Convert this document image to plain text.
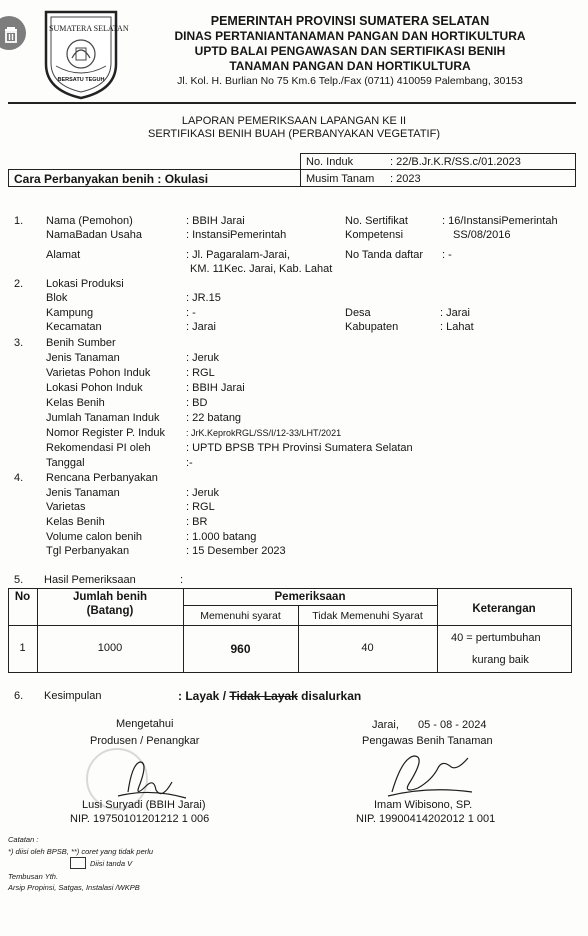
SUMATERA SELATAN
BERSATU TEGUH
PEMERINTAH PROVINSI SUMATERA SELATAN
DINAS PERTANIANTANAMAN PANGAN DAN HORTIKULTURA
UPTD BALAI PENGAWASAN DAN SERTIFIKASI BENIH
TANAMAN PANGAN DAN HORTIKULTURA
Jl. Kol. H. Burlian No 75 Km.6 Telp./Fax (0711) 410059 Palembang, 30153
LAPORAN PEMERIKSAAN LAPANGAN KE II
SERTIFIKASI BENIH BUAH (PERBANYAKAN VEGETATIF)
Cara Perbanyakan benih : Okulasi
No. Induk	: 22/B.Jr.K.R/SS.c/01.2023
Musim Tanam : 2023
1. Nama (Pemohon)	: BBIH Jarai
NamaBadan Usaha	: InstansiPemerintah
Alamat	: Jl. Pagaralam-Jarai,
KM. 11Kec. Jarai, Kab. Lahat
No. Sertifikat	: 16/InstansiPemerintah
Kompetensi	SS/08/2016
No Tanda daftar : -
2. Lokasi Produksi
Blok	: JR.15
Kampung	: -
Kecamatan	: Jarai
Desa	: Jarai
Kabupaten	: Lahat
3. Benih Sumber
Jenis Tanaman	: Jeruk
Varietas Pohon Induk	: RGL
Lokasi Pohon Induk	: BBIH Jarai
Kelas Benih	: BD
Jumlah Tanaman Induk : 22 batang
Nomor Register P. Induk : JrK.KeprokRGL/SS/I/12-33/LHT/2021
Rekomendasi PI oleh	: UPTD BPSB TPH Provinsi Sumatera Selatan
Tanggal	:-
4. Rencana Perbanyakan
Jenis Tanaman	: Jeruk
Varietas	: RGL
Kelas Benih	: BR
Volume calon benih	: 1.000 batang
Tgl Perbanyakan	: 15 Desember 2023
5. Hasil Pemeriksaan	:
No	Jumlah benih
(Batang)
Pemeriksaan
Memenuhi syarat	Tidak Memenuhi Syarat
Keterangan
1	1000	960	40
40 = pertumbuhan
kurang baik
6. Kesimpulan	: Layak / Tidak Layak disalurkan
Mengetahui
Produsen / Penangkar
Lusi Suryadi (BBIH Jarai)
NIP. 19750101201212 1 006
Jarai, 05 - 08 - 2024
Pengawas Benih Tanaman
Imam Wibisono, SP.
NIP. 19900414202012 1 001
Catatan :
*) diisi oleh BPSB, **) coret yang tidak perlu
Diisi tanda V
Tembusan Yth.
Arsip Propinsi, Satgas, Instalasi /WKPB
